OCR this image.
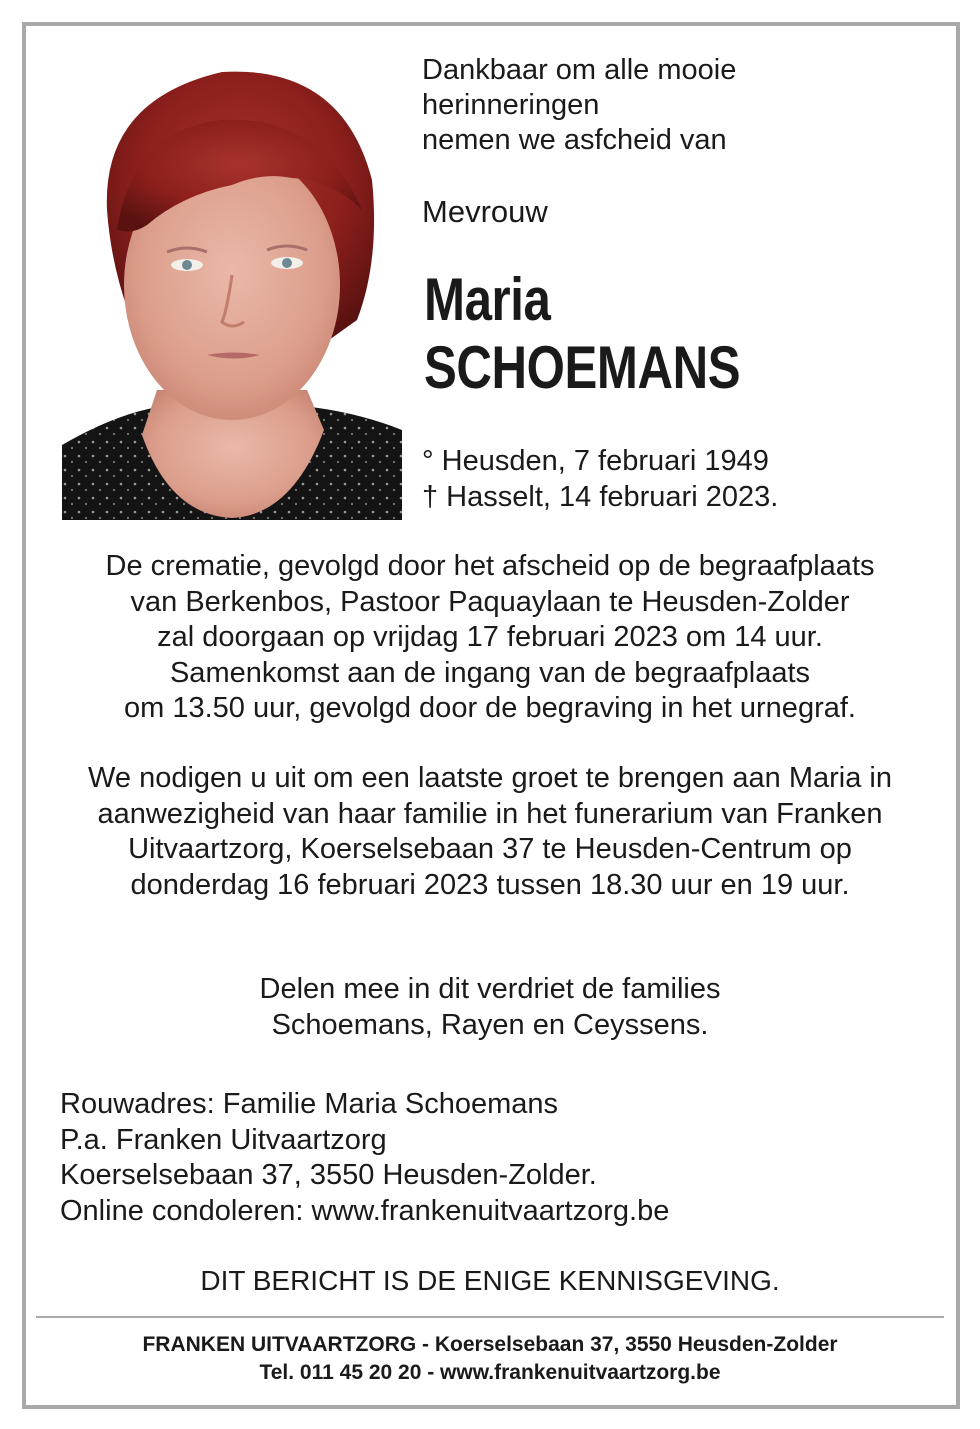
Dankbaar om alle mooie
herinneringen
nemen we asfcheid van
Mevrouw
Maria
SCHOEMANS
° Heusden, 7 februari 1949
† Hasselt, 14 februari 2023.
De crematie, gevolgd door het afscheid op de begraafplaats
van Berkenbos, Pastoor Paquaylaan te Heusden-Zolder
zal doorgaan op vrijdag 17 februari 2023 om 14 uur.
Samenkomst aan de ingang van de begraafplaats
om 13.50 uur, gevolgd door de begraving in het urnegraf.
We nodigen u uit om een laatste groet te brengen aan Maria in
aanwezigheid van haar familie in het funerarium van Franken
Uitvaartzorg, Koerselsebaan 37 te Heusden-Centrum op
donderdag 16 februari 2023 tussen 18.30 uur en 19 uur.
Delen mee in dit verdriet de families
Schoemans, Rayen en Ceyssens.
Rouwadres: Familie Maria Schoemans
P.a. Franken Uitvaartzorg
Koerselsebaan 37, 3550 Heusden-Zolder.
Online condoleren: www.frankenuitvaartzorg.be
DIT BERICHT IS DE ENIGE KENNISGEVING.
FRANKEN UITVAARTZORG - Koerselsebaan 37, 3550 Heusden-Zolder
Tel. 011 45 20 20 - www.frankenuitvaartzorg.be
